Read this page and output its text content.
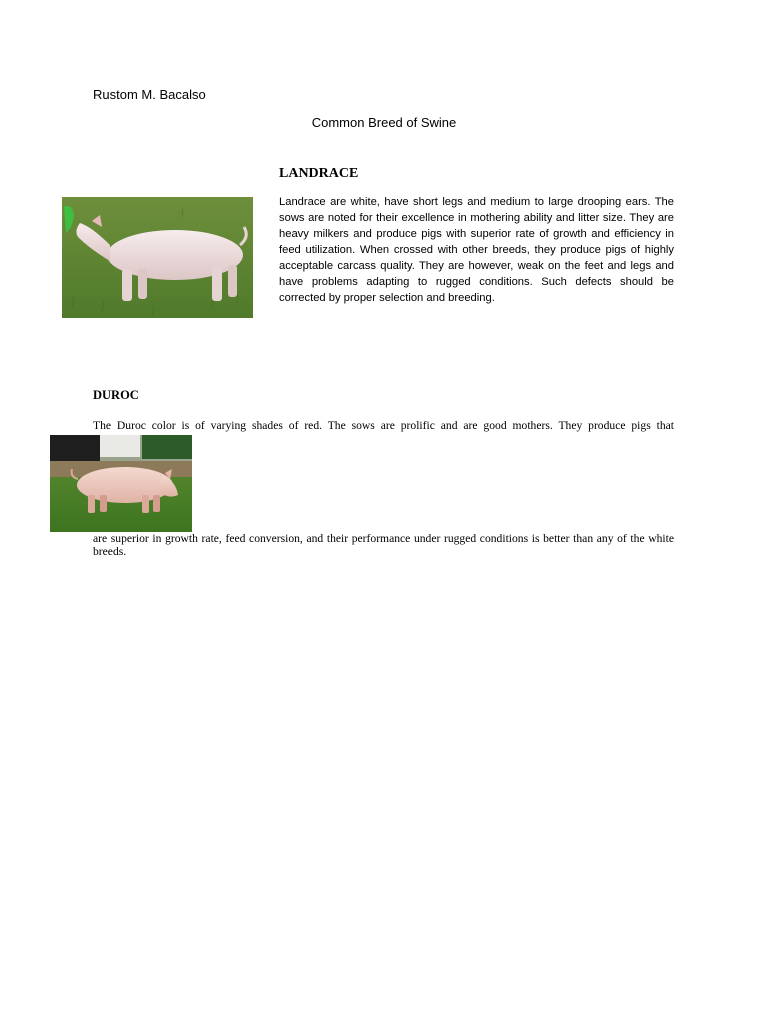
Rustom M. Bacalso
Common Breed of Swine
LANDRACE
Landrace are white, have short legs and medium to large drooping ears. The sows are noted for their excellence in mothering ability and litter size. They are heavy milkers and produce pigs with superior rate of growth and efficiency in feed utilization. When crossed with other breeds, they produce pigs of highly acceptable carcass quality. They are however, weak on the feet and legs and have problems adapting to rugged conditions. Such defects should be corrected by proper selection and breeding.
DUROC
The Duroc color is of varying shades of red. The sows are prolific and are good mothers. They produce pigs that
are superior in growth rate, feed conversion, and their performance under rugged conditions is better than any of the white breeds.
